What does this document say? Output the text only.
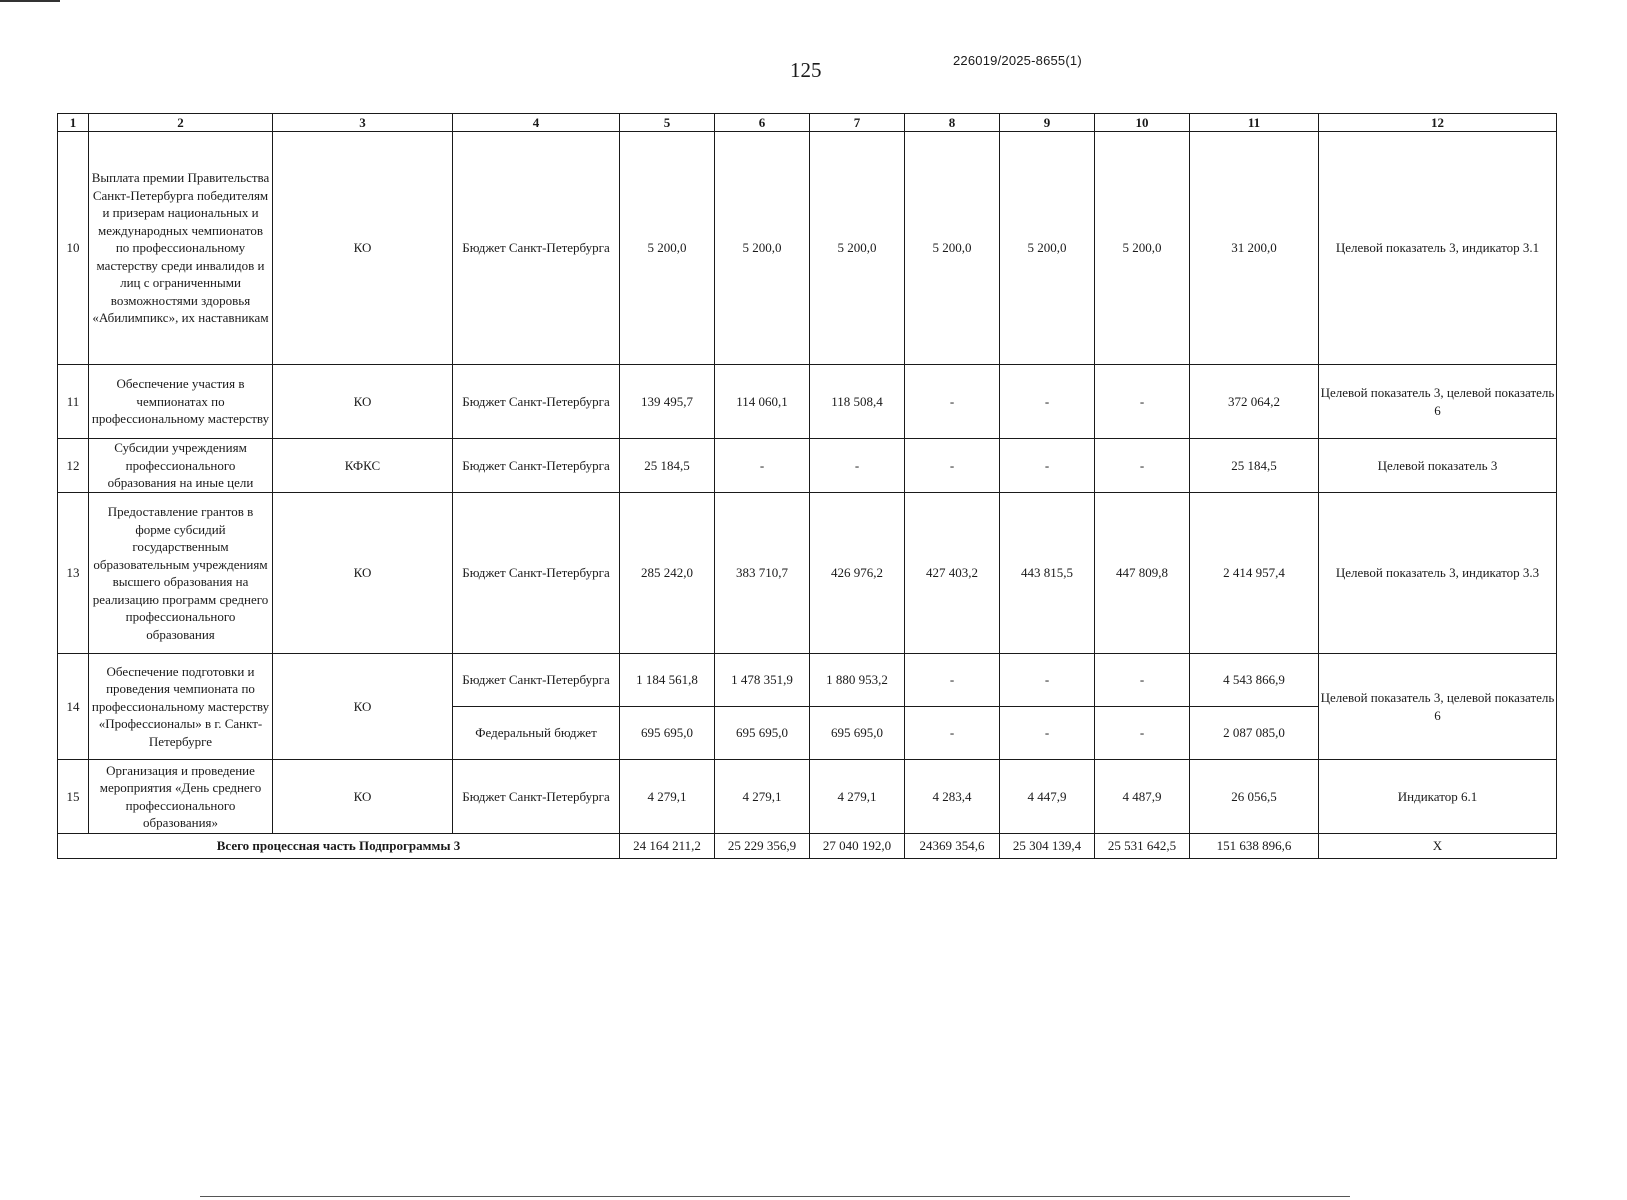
125	226019/2025-8655(1)
1	2	3	4	5	6	7	8	9	10	11	12
10	Выплата премии Правительства Санкт-Петербурга победителям и призерам национальных и международных чемпионатов по профессиональному мастерству среди инвалидов и лиц с ограниченными возможностями здоровья «Абилимпикс», их наставникам	КО	Бюджет Санкт-Петербурга	5 200,0	5 200,0	5 200,0	5 200,0	5 200,0	5 200,0	31 200,0	Целевой показатель 3, индикатор 3.1
11	Обеспечение участия в чемпионатах по профессиональному мастерству	КО	Бюджет Санкт-Петербурга	139 495,7	114 060,1	118 508,4	-	-	-	372 064,2	Целевой показатель 3, целевой показатель 6
12	Субсидии учреждениям профессионального образования на иные цели	КФКС	Бюджет Санкт-Петербурга	25 184,5	-	-	-	-	-	25 184,5	Целевой показатель 3
13	Предоставление грантов в форме субсидий государственным образовательным учреждениям высшего образования на реализацию программ среднего профессионального образования	КО	Бюджет Санкт-Петербурга	285 242,0	383 710,7	426 976,2	427 403,2	443 815,5	447 809,8	2 414 957,4	Целевой показатель 3, индикатор 3.3
14	Обеспечение подготовки и проведения чемпионата по профессиональному мастерству «Профессионалы» в г. Санкт-Петербурге	КО	Бюджет Санкт-Петербурга	1 184 561,8	1 478 351,9	1 880 953,2	-	-	-	4 543 866,9	Целевой показатель 3, целевой показатель 6
			Федеральный бюджет	695 695,0	695 695,0	695 695,0	-	-	-	2 087 085,0	
15	Организация и проведение мероприятия «День среднего профессионального образования»	КО	Бюджет Санкт-Петербурга	4 279,1	4 279,1	4 279,1	4 283,4	4 447,9	4 487,9	26 056,5	Индикатор 6.1
Всего процессная часть Подпрограммы 3				24 164 211,2	25 229 356,9	27 040 192,0	24369 354,6	25 304 139,4	25 531 642,5	151 638 896,6	X
